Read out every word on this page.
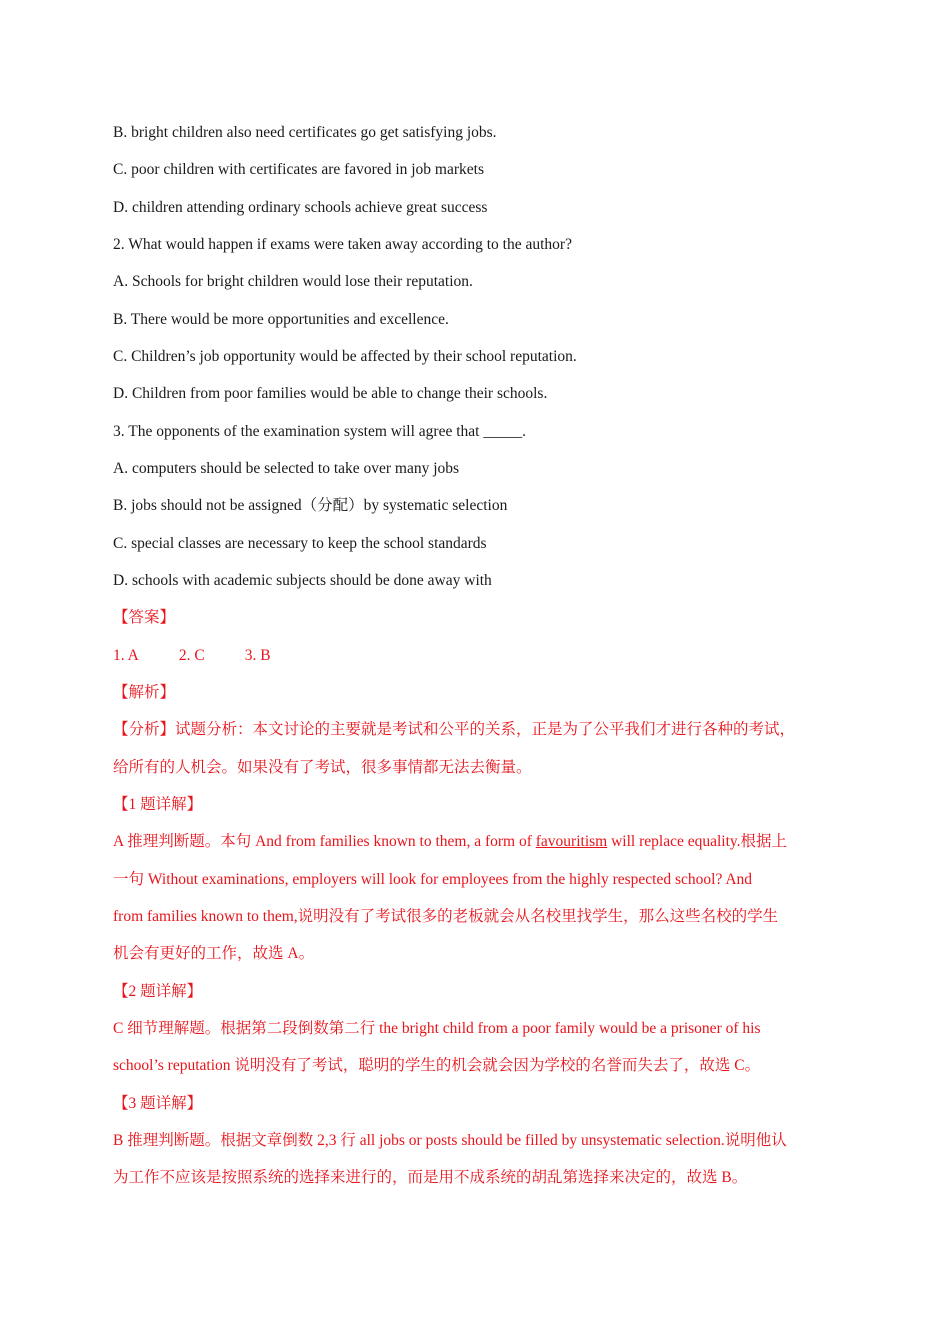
B. bright children also need certificates go get satisfying jobs.
C. poor children with certificates are favored in job markets
D. children attending ordinary schools achieve great success
2. What would happen if exams were taken away according to the author?
A. Schools for bright children would lose their reputation.
B. There would be more opportunities and excellence.
C. Children’s job opportunity would be affected by their school reputation.
D. Children from poor families would be able to change their schools.
3. The opponents of the examination system will agree that _____.
A. computers should be selected to take over many jobs
B. jobs should not be assigned（分配）by systematic selection
C. special classes are necessary to keep the school standards
D. schools with academic subjects should be done away with
【答案】
1. A	2. C	3. B
【解析】
【分析】试题分析：本文讨论的主要就是考试和公平的关系，正是为了公平我们才进行各种的考试，
给所有的人机会。如果没有了考试，很多事情都无法去衡量。
【1 题详解】
A 推理判断题。本句 And from families known to them, a form of favouritism will replace equality.根据上
一句 Without examinations, employers will look for employees from the highly respected school? And
from families known to them,说明没有了考试很多的老板就会从名校里找学生，那么这些名校的学生
机会有更好的工作，故选 A。
【2 题详解】
C 细节理解题。根据第二段倒数第二行 the bright child from a poor family would be a prisoner of his
school’s reputation 说明没有了考试，聪明的学生的机会就会因为学校的名誉而失去了，故选 C。
【3 题详解】
B 推理判断题。根据文章倒数 2,3 行 all jobs or posts should be filled by unsystematic selection.说明他认
为工作不应该是按照系统的选择来进行的，而是用不成系统的胡乱第选择来决定的，故选 B。
